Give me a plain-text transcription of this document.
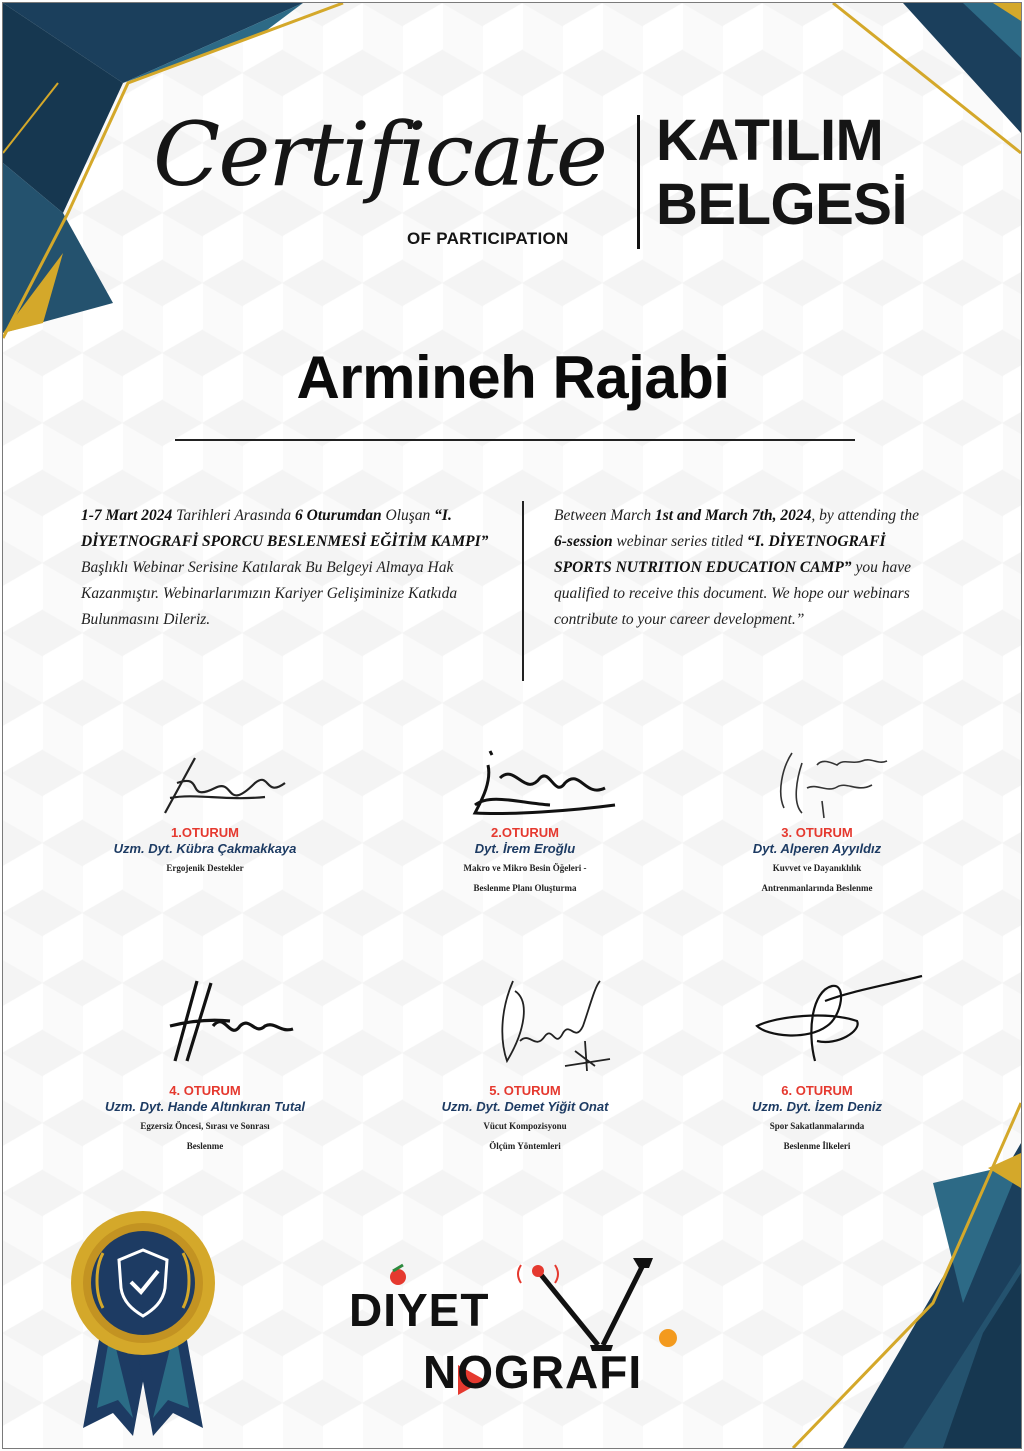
Certificate
OF PARTICIPATION
KATILIM
BELGESİ
Armineh Rajabi
1-7 Mart 2024 Tarihleri Arasında 6 Oturumdan Oluşan “I. DİYETNOGRAFİ SPORCU BESLENMESİ EĞİTİM KAMPI” Başlıklı Webinar Serisine Katılarak Bu Belgeyi Almaya Hak Kazanmıştır. Webinarlarımızın Kariyer Gelişiminize Katkıda Bulunmasını Dileriz.
Between March 1st and March 7th, 2024, by attending the 6-session webinar series titled “I. DİYETNOGRAFİ SPORTS NUTRITION EDUCATION CAMP” you have qualified to receive this document. We hope our webinars contribute to your career development.”
1.OTURUM
Uzm. Dyt. Kübra Çakmakkaya
Ergojenik Destekler
2.OTURUM
Dyt. İrem Eroğlu
Makro ve Mikro Besin Öğeleri -
Beslenme Planı Oluşturma
3. OTURUM
Dyt. Alperen Ayyıldız
Kuvvet ve Dayanıklılık
Antrenmanlarında Beslenme
4. OTURUM
Uzm. Dyt. Hande Altınkıran Tutal
Egzersiz Öncesi, Sırası ve Sonrası
Beslenme
5. OTURUM
Uzm. Dyt. Demet Yiğit Onat
Vücut Kompozisyonu
Ölçüm Yöntemleri
6. OTURUM
Uzm. Dyt. İzem Deniz
Spor Sakatlanmalarında
Beslenme İlkeleri
DIYET
NOGRAFI
